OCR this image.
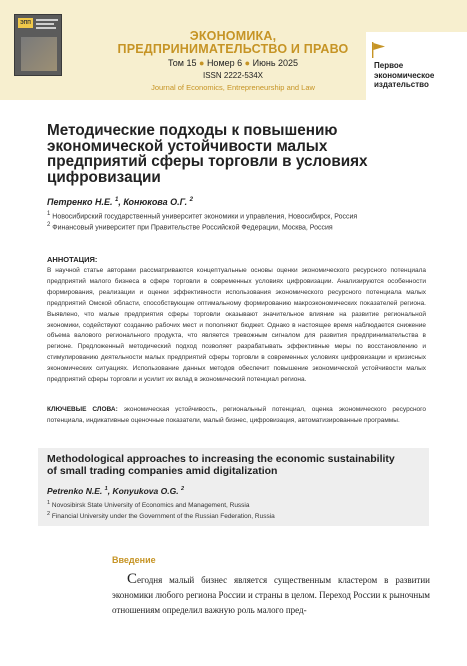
ЭПП
ЭКОНОМИКА,
ПРЕДПРИНИМАТЕЛЬСТВО И ПРАВО
Том 15 ● Номер 6 ● Июнь 2025
ISSN 2222-534X
Journal of Economics, Entrepreneurship and Law
Первое
экономическое
издательство
Методические подходы к повышению экономической устойчивости малых предприятий сферы торговли в условиях цифровизации
Петренко Н.Е. $^1$, Конюкова О.Г. $^2$
$^1$ Новосибирский государственный университет экономики и управления, Новосибирск, Россия
$^2$ Финансовый университет при Правительстве Российской Федерации, Москва, Россия
АННОТАЦИЯ:
В научной статье авторами рассматриваются концептуальные основы оценки экономического ресурсного потенциала предприятий малого бизнеса в сфере торговли в современных условиях цифровизации. Анализируются особенности формирования, реализации и оценки эффективности использования экономического ресурсного потенциала малых предприятий Омской области, способствующие оптимальному формированию макроэкономических показателей региона. Выявлено, что малые предприятия сферы торговли оказывают значительное влияние на развитие региональной экономики, содействуют созданию рабочих мест и пополняют бюджет. Однако в настоящее время наблюдается снижение объема валового регионального продукта, что является тревожным сигналом для развития предпринимательства в регионе. Предложенный методический подход позволяет разрабатывать эффективные меры по восстановлению и стимулированию деятельности малых предприятий сферы торговли в современных условиях цифровизации и кризисных экономических ситуациях. Использование данных методов обеспечит повышение экономической устойчивости малых предприятий сферы торговли и усилит их вклад в экономический потенциал региона.
КЛЮЧЕВЫЕ СЛОВА: экономическая устойчивость, региональный потенциал, оценка экономического ресурсного потенциала, индикативные оценочные показатели, малый бизнес, цифровизация, автоматизированные программы.
Methodological approaches to increasing the economic sustainability of small trading companies amid digitalization
Petrenko N.E. $^1$, Konyukova O.G. $^2$
$^1$ Novosibirsk State University of Economics and Management, Russia
$^2$ Financial University under the Government of the Russian Federation, Russia
Введение
Сегодня малый бизнес является существенным кластером в развитии экономики любого региона России и страны в целом. Переход России к рыночным отношениям определил важную роль малого пред-
